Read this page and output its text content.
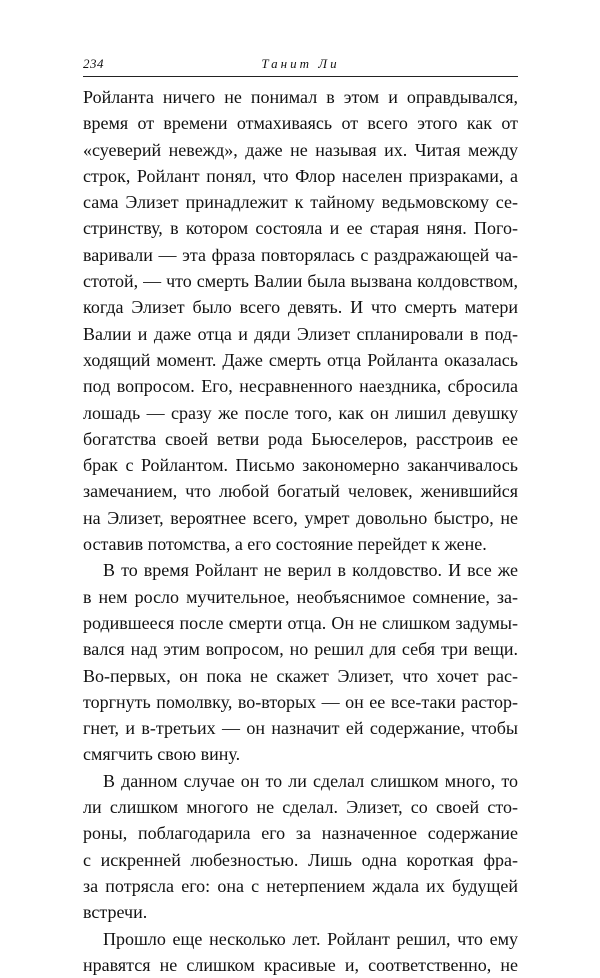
234	Танит Ли
Ройланта ничего не понимал в этом и оправдывался,
время от времени отмахиваясь от всего этого как от
«суеверий невежд», даже не называя их. Читая между
строк, Ройлант понял, что Флор населен призраками, а
сама Элизет принадлежит к тайному ведьмовскому се-
стринству, в котором состояла и ее старая няня. Пого-
варивали — эта фраза повторялась с раздражающей ча-
стотой, — что смерть Валии была вызвана колдовством,
когда Элизет было всего девять. И что смерть матери
Валии и даже отца и дяди Элизет спланировали в под-
ходящий момент. Даже смерть отца Ройланта оказалась
под вопросом. Его, несравненного наездника, сбросила
лошадь — сразу же после того, как он лишил девушку
богатства своей ветви рода Бьюселеров, расстроив ее
брак с Ройлантом. Письмо закономерно заканчивалось
замечанием, что любой богатый человек, женившийся
на Элизет, вероятнее всего, умрет довольно быстро, не
оставив потомства, а его состояние перейдет к жене.
В то время Ройлант не верил в колдовство. И все же
в нем росло мучительное, необъяснимое сомнение, за-
родившееся после смерти отца. Он не слишком задумы-
вался над этим вопросом, но решил для себя три вещи.
Во-первых, он пока не скажет Элизет, что хочет рас-
торгнуть помолвку, во-вторых — он ее все-таки растор-
гнет, и в-третьих — он назначит ей содержание, чтобы
смягчить свою вину.
В данном случае он то ли сделал слишком много, то
ли слишком многого не сделал. Элизет, со своей сто-
роны, поблагодарила его за назначенное содержание
с искренней любезностью. Лишь одна короткая фра-
за потрясла его: она с нетерпением ждала их будущей
встречи.
Прошло еще несколько лет. Ройлант решил, что ему
нравятся не слишком красивые и, соответственно, не
